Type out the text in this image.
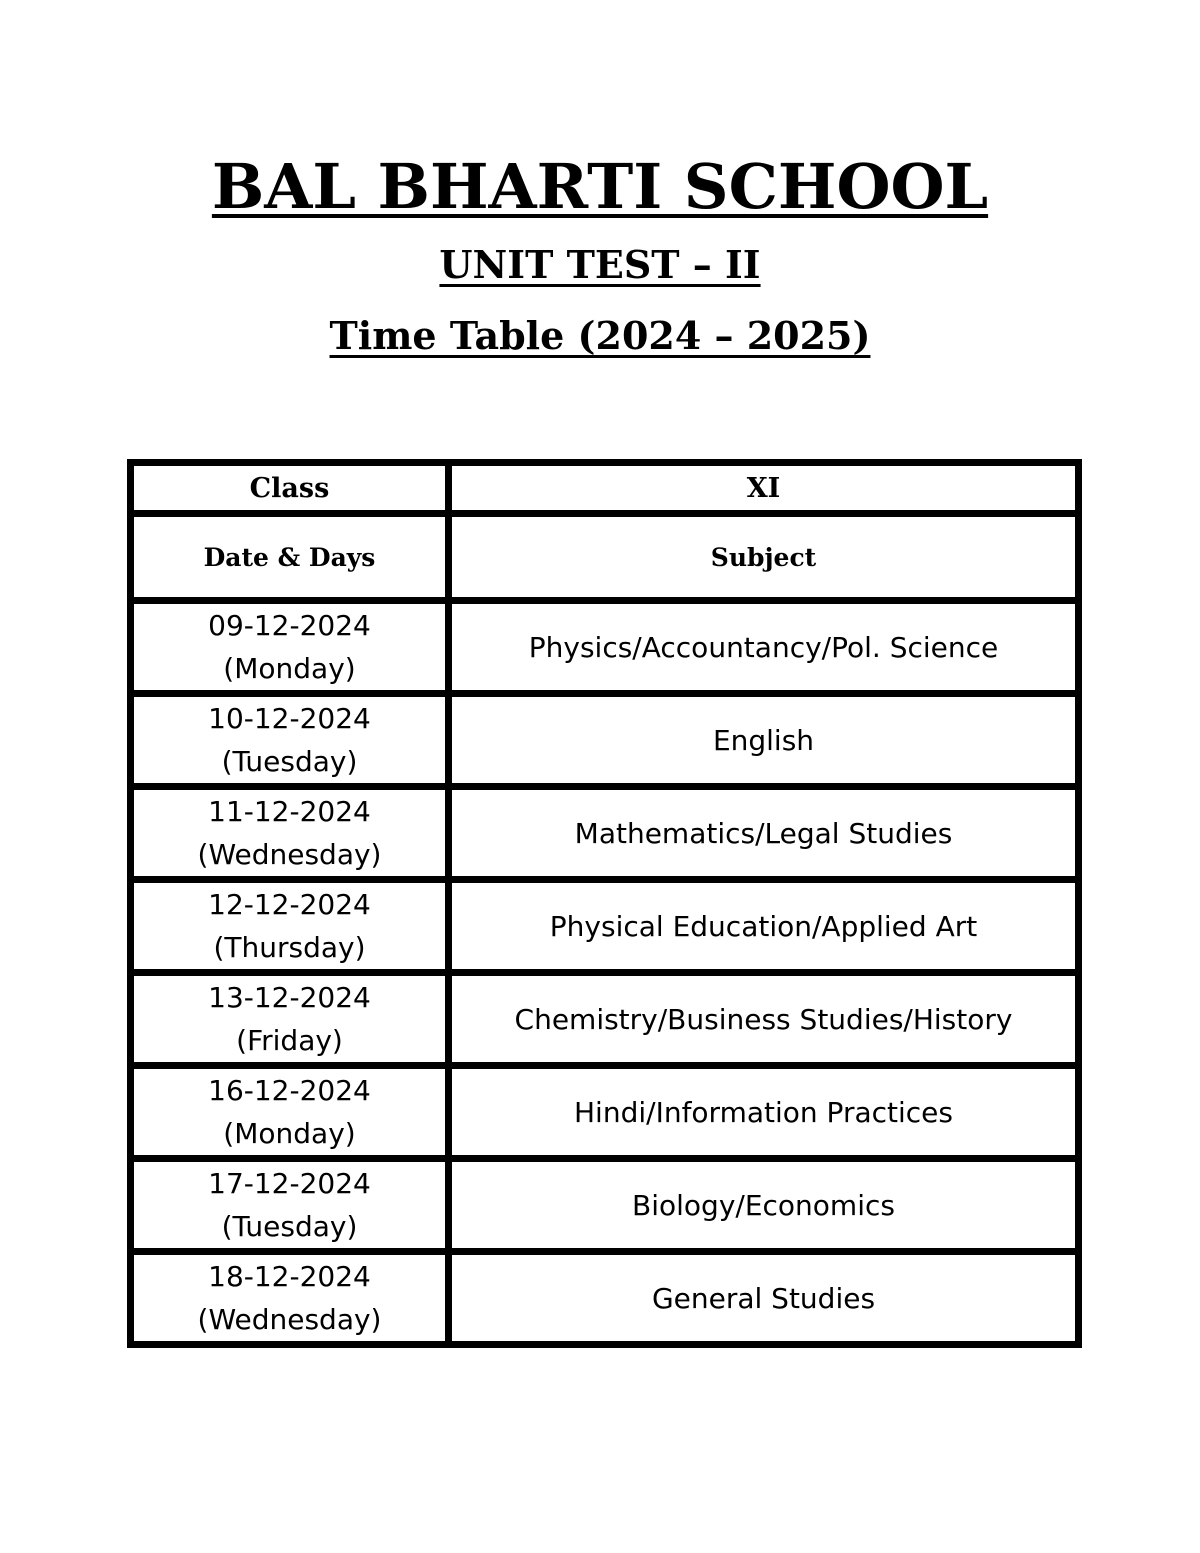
BAL BHARTI SCHOOL
UNIT TEST – II
Time Table (2024 – 2025)
Class	XI
Date & Days	Subject

09-12-2024
(Monday)	Physics/Accountancy/Pol. Science

10-12-2024
(Tuesday)	English

11-12-2024
(Wednesday)	Mathematics/Legal Studies

12-12-2024
(Thursday)	Physical Education/Applied Art

13-12-2024
(Friday)	Chemistry/Business Studies/History

16-12-2024
(Monday)	Hindi/Information Practices

17-12-2024
(Tuesday)	Biology/Economics

18-12-2024
(Wednesday)	General Studies
